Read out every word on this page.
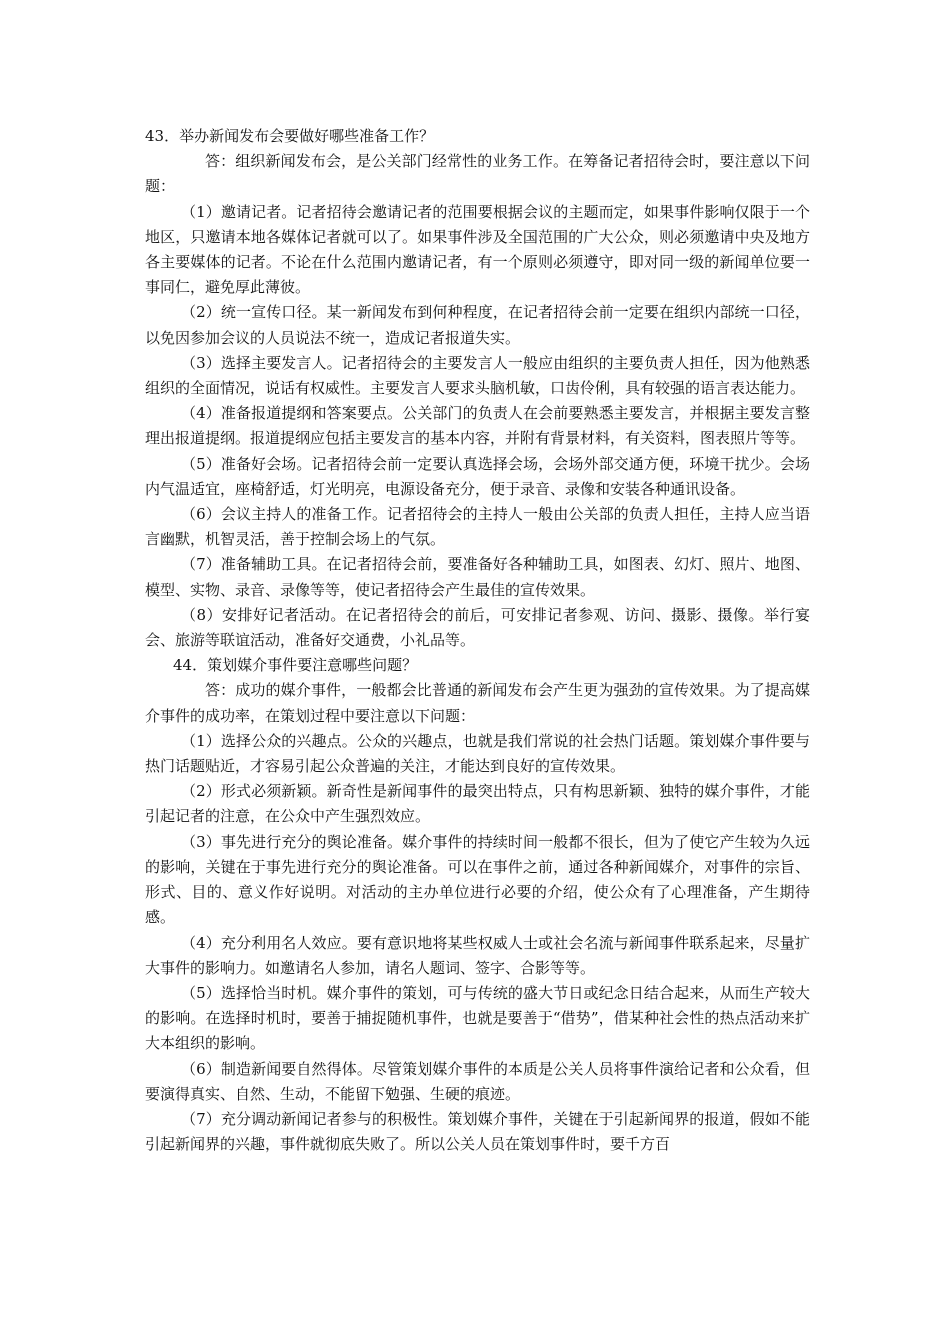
43．举办新闻发布会要做好哪些准备工作？

答：组织新闻发布会，是公关部门经常性的业务工作。在筹备记者招待会时，要注意以下问题：

（1）邀请记者。记者招待会邀请记者的范围要根据会议的主题而定，如果事件影响仅限于一个地区，只邀请本地各媒体记者就可以了。如果事件涉及全国范围的广大公众，则必须邀请中央及地方各主要媒体的记者。不论在什么范围内邀请记者，有一个原则必须遵守，即对同一级的新闻单位要一事同仁，避免厚此薄彼。

（2）统一宣传口径。某一新闻发布到何种程度，在记者招待会前一定要在组织内部统一口径，以免因参加会议的人员说法不统一，造成记者报道失实。

（3）选择主要发言人。记者招待会的主要发言人一般应由组织的主要负责人担任，因为他熟悉组织的全面情况，说话有权威性。主要发言人要求头脑机敏，口齿伶俐，具有较强的语言表达能力。

（4）准备报道提纲和答案要点。公关部门的负责人在会前要熟悉主要发言，并根据主要发言整理出报道提纲。报道提纲应包括主要发言的基本内容，并附有背景材料，有关资料，图表照片等等。

（5）准备好会场。记者招待会前一定要认真选择会场，会场外部交通方便，环境干扰少。会场内气温适宜，座椅舒适，灯光明亮，电源设备充分，便于录音、录像和安装各种通讯设备。

（6）会议主持人的准备工作。记者招待会的主持人一般由公关部的负责人担任，主持人应当语言幽默，机智灵活，善于控制会场上的气氛。

（7）准备辅助工具。在记者招待会前，要准备好各种辅助工具，如图表、幻灯、照片、地图、模型、实物、录音、录像等等，使记者招待会产生最佳的宣传效果。

（8）安排好记者活动。在记者招待会的前后，可安排记者参观、访问、摄影、摄像。举行宴会、旅游等联谊活动，准备好交通费，小礼品等。

44．策划媒介事件要注意哪些问题？

答：成功的媒介事件，一般都会比普通的新闻发布会产生更为强劲的宣传效果。为了提高媒介事件的成功率，在策划过程中要注意以下问题：

（1）选择公众的兴趣点。公众的兴趣点，也就是我们常说的社会热门话题。策划媒介事件要与热门话题贴近，才容易引起公众普遍的关注，才能达到良好的宣传效果。

（2）形式必须新颖。新奇性是新闻事件的最突出特点，只有构思新颖、独特的媒介事件，才能引起记者的注意，在公众中产生强烈效应。

（3）事先进行充分的舆论准备。媒介事件的持续时间一般都不很长，但为了使它产生较为久远的影响，关键在于事先进行充分的舆论准备。可以在事件之前，通过各种新闻媒介，对事件的宗旨、形式、目的、意义作好说明。对活动的主办单位进行必要的介绍，使公众有了心理准备，产生期待感。

（4）充分利用名人效应。要有意识地将某些权威人士或社会名流与新闻事件联系起来，尽量扩大事件的影响力。如邀请名人参加，请名人题词、签字、合影等等。

（5）选择恰当时机。媒介事件的策划，可与传统的盛大节日或纪念日结合起来，从而生产较大的影响。在选择时机时，要善于捕捉随机事件，也就是要善于“借势”，借某种社会性的热点活动来扩大本组织的影响。

（6）制造新闻要自然得体。尽管策划媒介事件的本质是公关人员将事件演给记者和公众看，但要演得真实、自然、生动，不能留下勉强、生硬的痕迹。

（7）充分调动新闻记者参与的积极性。策划媒介事件，关键在于引起新闻界的报道，假如不能引起新闻界的兴趣，事件就彻底失败了。所以公关人员在策划事件时，要千方百
